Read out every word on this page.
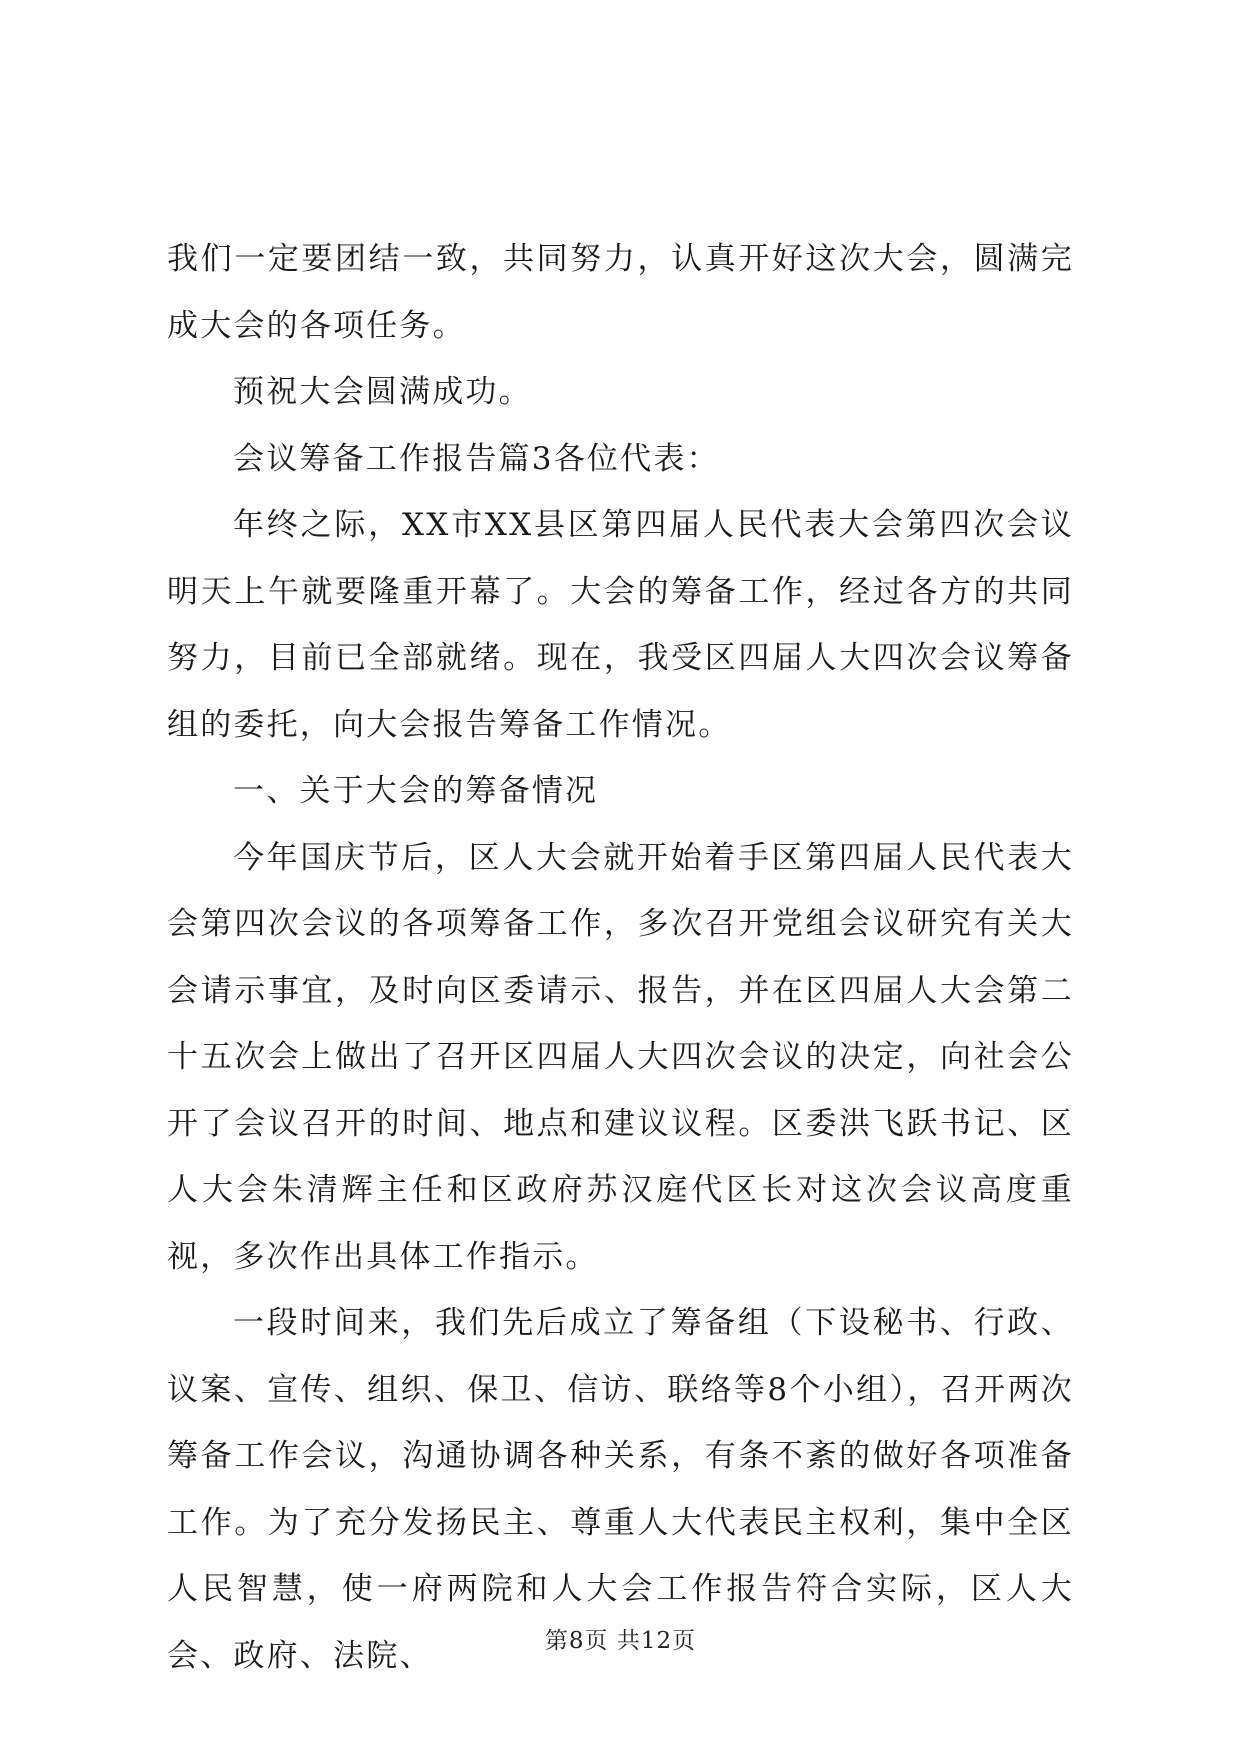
我们一定要团结一致，共同努力，认真开好这次大会，圆满完成大会的各项任务。

预祝大会圆满成功。

会议筹备工作报告篇3各位代表：

年终之际，XX市XX县区第四届人民代表大会第四次会议明天上午就要隆重开幕了。大会的筹备工作，经过各方的共同努力，目前已全部就绪。现在，我受区四届人大四次会议筹备组的委托，向大会报告筹备工作情况。

一、关于大会的筹备情况

今年国庆节后，区人大会就开始着手区第四届人民代表大会第四次会议的各项筹备工作，多次召开党组会议研究有关大会请示事宜，及时向区委请示、报告，并在区四届人大会第二十五次会上做出了召开区四届人大四次会议的决定，向社会公开了会议召开的时间、地点和建议议程。区委洪飞跃书记、区人大会朱清辉主任和区政府苏汉庭代区长对这次会议高度重视，多次作出具体工作指示。

一段时间来，我们先后成立了筹备组（下设秘书、行政、议案、宣传、组织、保卫、信访、联络等8个小组），召开两次筹备工作会议，沟通协调各种关系，有条不紊的做好各项准备工作。为了充分发扬民主、尊重人大代表民主权利，集中全区人民智慧，使一府两院和人大会工作报告符合实际，区人大会、政府、法院、	第8页 共12页
